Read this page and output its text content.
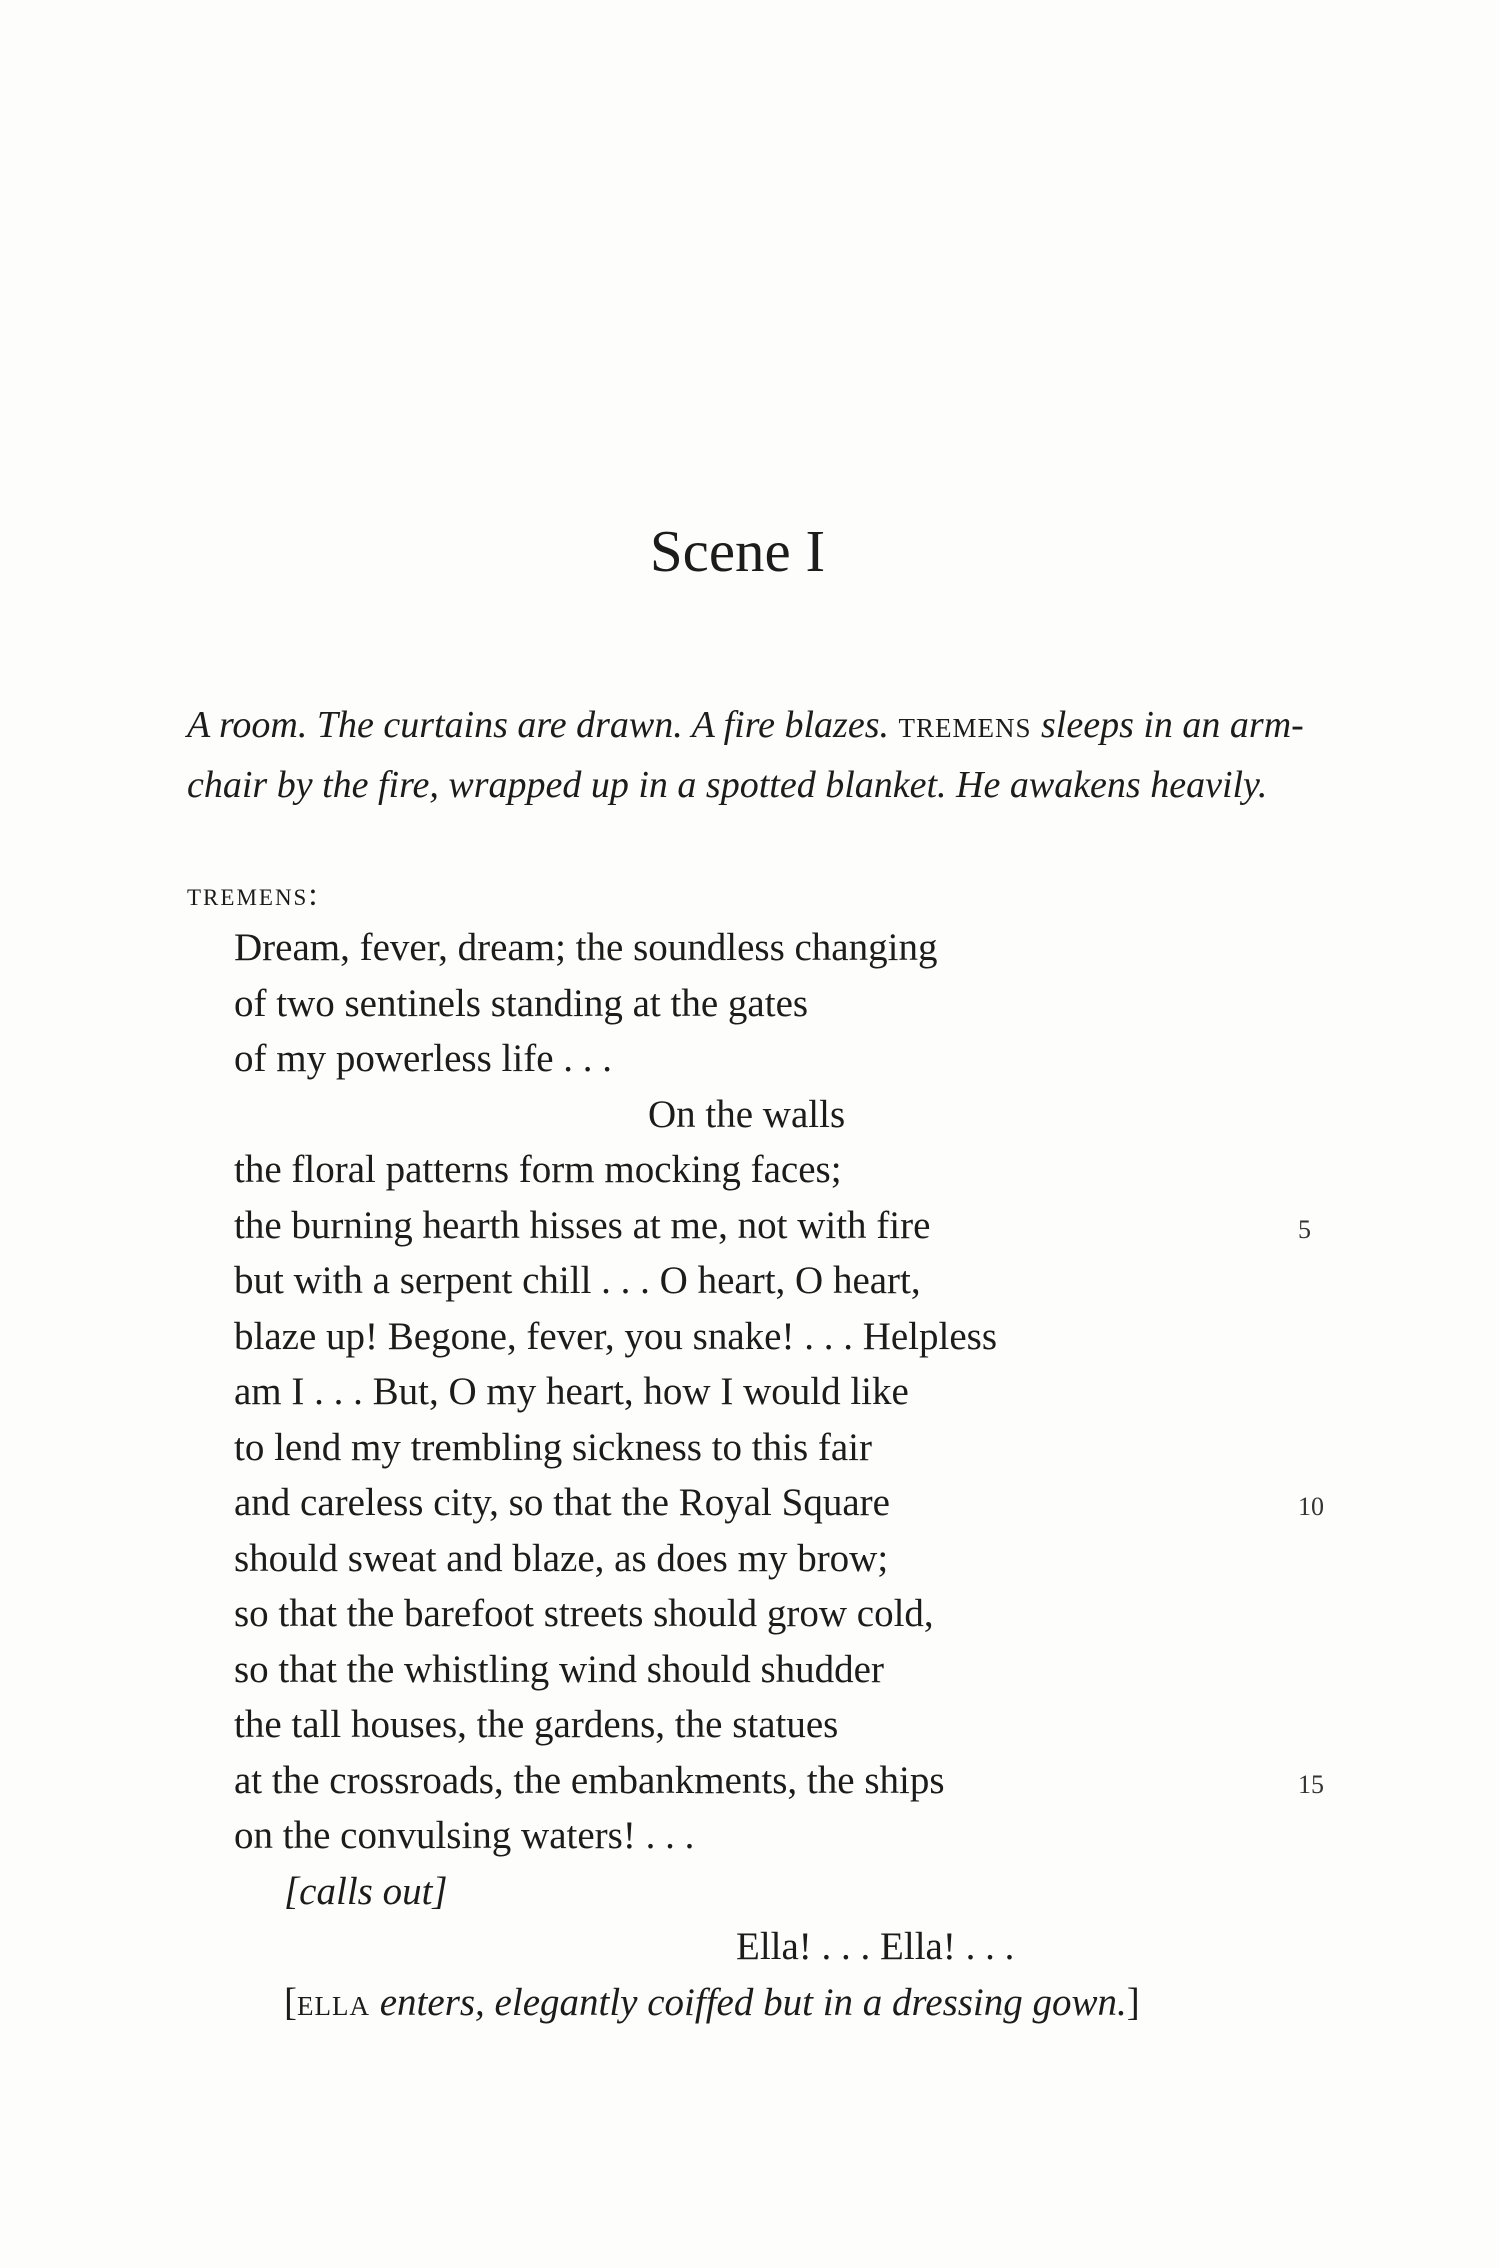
Scene I

A room. The curtains are drawn. A fire blazes. tremens sleeps in an arm-
chair by the fire, wrapped up in a spotted blanket. He awakens heavily.

tremens:

Dream, fever, dream; the soundless changing
of two sentinels standing at the gates
of my powerless life . . .
On the walls
the floral patterns form mocking faces;
the burning hearth hisses at me, not with fire	5
but with a serpent chill . . . O heart, O heart,
blaze up! Begone, fever, you snake! . . . Helpless
am I . . . But, O my heart, how I would like
to lend my trembling sickness to this fair
and careless city, so that the Royal Square	10
should sweat and blaze, as does my brow;
so that the barefoot streets should grow cold,
so that the whistling wind should shudder
the tall houses, the gardens, the statues
at the crossroads, the embankments, the ships	15
on the convulsing waters! . . .
[calls out]
Ella! . . . Ella! . . .
[ella enters, elegantly coiffed but in a dressing gown.]
